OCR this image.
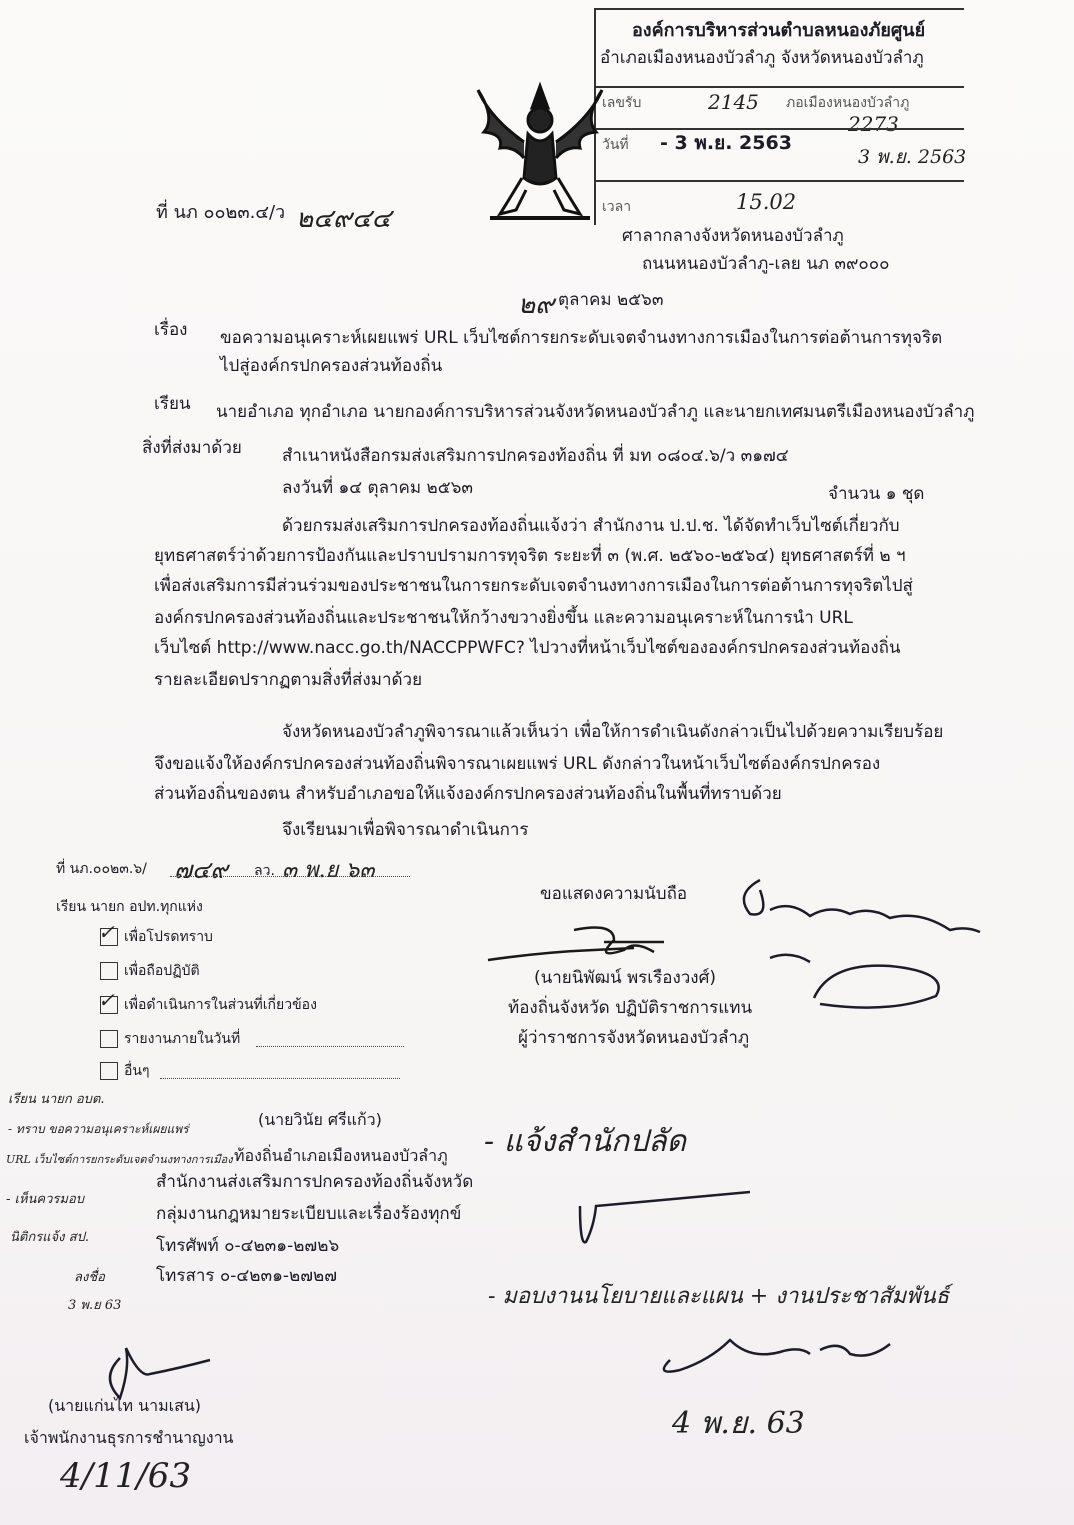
องค์การบริหารส่วนตำบลหนองภัยศูนย์
อำเภอเมืองหนองบัวลำภู จังหวัดหนองบัวลำภู
เลขรับ	2145 ภอเมืองหนองบัวลำภู
2273
วันที่ - 3 พ.ย. 2563
3 พ.ย. 2563
เวลา	15.02
ศาลากลางจังหวัดหนองบัวลำภู
ถนนหนองบัวลำภู-เลย นภ ๓๙๐๐๐
ที่ นภ ๐๐๒๓.๔/ว ๒๔๙๔๔
๒๙ ตุลาคม ๒๕๖๓
เรื่อง ขอความอนุเคราะห์เผยแพร่ URL เว็บไซต์การยกระดับเจตจำนงทางการเมืองในการต่อต้านการทุจริต
ไปสู่องค์กรปกครองส่วนท้องถิ่น
เรียน นายอำเภอ ทุกอำเภอ นายกองค์การบริหารส่วนจังหวัดหนองบัวลำภู และนายกเทศมนตรีเมืองหนองบัวลำภู
สิ่งที่ส่งมาด้วย สำเนาหนังสือกรมส่งเสริมการปกครองท้องถิ่น ที่ มท ๐๘๐๔.๖/ว ๓๑๗๔
ลงวันที่ ๑๔ ตุลาคม ๒๕๖๓	จำนวน ๑ ชุด
ด้วยกรมส่งเสริมการปกครองท้องถิ่นแจ้งว่า สำนักงาน ป.ป.ช. ได้จัดทำเว็บไซต์เกี่ยวกับ
ยุทธศาสตร์ว่าด้วยการป้องกันและปราบปรามการทุจริต ระยะที่ ๓ (พ.ศ. ๒๕๖๐-๒๕๖๔) ยุทธศาสตร์ที่ ๒ ฯ
เพื่อส่งเสริมการมีส่วนร่วมของประชาชนในการยกระดับเจตจำนงทางการเมืองในการต่อต้านการทุจริตไปสู่
องค์กรปกครองส่วนท้องถิ่นและประชาชนให้กว้างขวางยิ่งขึ้น และความอนุเคราะห์ในการนำ URL
เว็บไซต์ http://www.nacc.go.th/NACCPPWFC? ไปวางที่หน้าเว็บไซต์ขององค์กรปกครองส่วนท้องถิ่น
รายละเอียดปรากฏตามสิ่งที่ส่งมาด้วย
จังหวัดหนองบัวลำภูพิจารณาแล้วเห็นว่า เพื่อให้การดำเนินดังกล่าวเป็นไปด้วยความเรียบร้อย
จึงขอแจ้งให้องค์กรปกครองส่วนท้องถิ่นพิจารณาเผยแพร่ URL ดังกล่าวในหน้าเว็บไซต์องค์กรปกครอง
ส่วนท้องถิ่นของตน สำหรับอำเภอขอให้แจ้งองค์กรปกครองส่วนท้องถิ่นในพื้นที่ทราบด้วย
จึงเรียนมาเพื่อพิจารณาดำเนินการ
ที่ นภ.๐๐๒๓.๖/ ๗๔๙ ลว. ๓ พ.ย ๖๓
เรียน นายก อปท.ทุกแห่ง
✓ เพื่อโปรดทราบ
เพื่อถือปฏิบัติ
✓ เพื่อดำเนินการในส่วนที่เกี่ยวข้อง
รายงานภายในวันที่
อื่นๆ
(นายวินัย ศรีแก้ว)
ท้องถิ่นอำเภอเมืองหนองบัวลำภู
เรียน นายก อบต.
- ทราบ ขอความอนุเคราะห์เผยแพร่
URL เว็บไซต์การยกระดับเจตจำนงทางการเมือง
- เห็นควรมอบ
นิติกรแจ้ง สป.
ลงชื่อ
3 พ.ย 63
สำนักงานส่งเสริมการปกครองท้องถิ่นจังหวัด
กลุ่มงานกฎหมายระเบียบและเรื่องร้องทุกข์
โทรศัพท์ ๐-๔๒๓๑-๒๗๒๖
โทรสาร ๐-๔๒๓๑-๒๗๒๗
ขอแสดงความนับถือ
(นายนิพัฒน์ พรเรืองวงศ์)
ท้องถิ่นจังหวัด ปฏิบัติราชการแทน
ผู้ว่าราชการจังหวัดหนองบัวลำภู
- แจ้งสำนักปลัด
- มอบงานนโยบายและแผน + งานประชาสัมพันธ์
4 พ.ย. 63
(นายแก่นไท นามเสน)
เจ้าพนักงานธุรการชำนาญงาน
4/11/63
